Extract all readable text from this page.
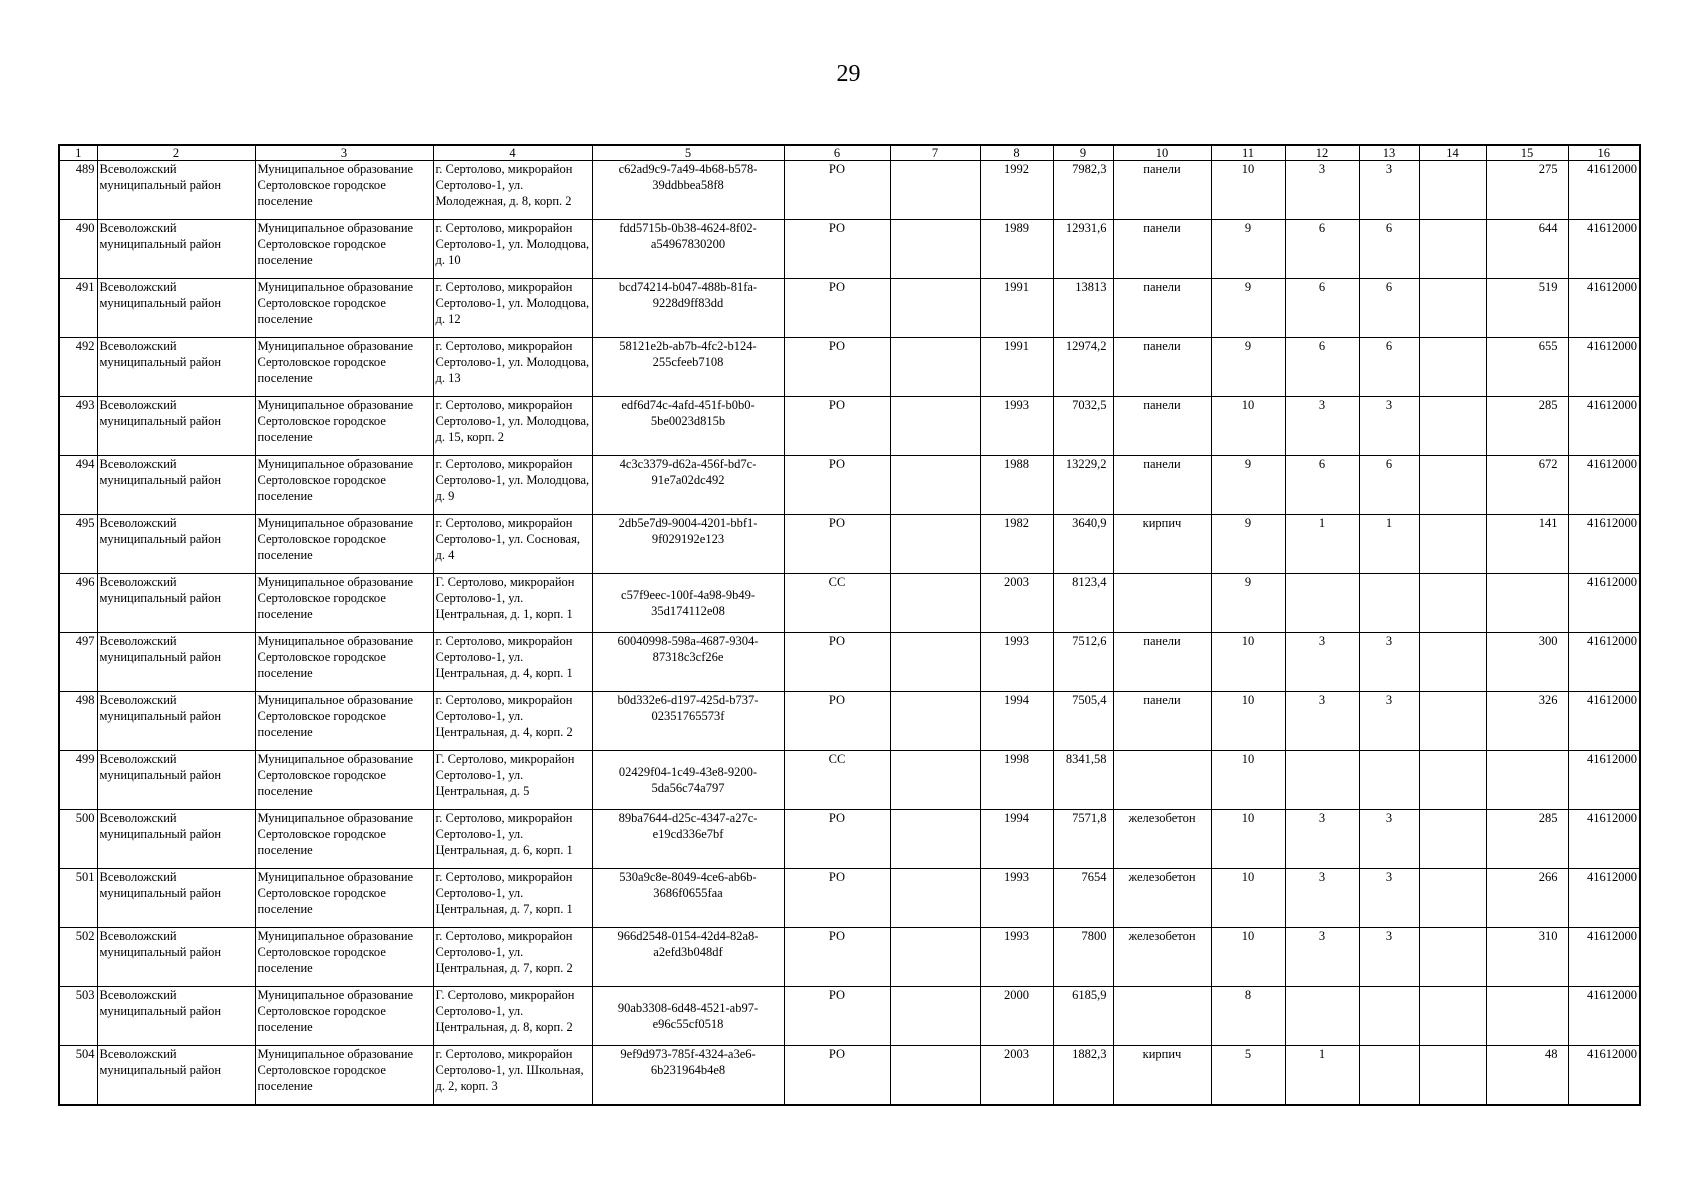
29
1	2	3	4	5	6	7	8	9	10	11	12	13	14	15	16
489	Всеволожский муниципальный район	Муниципальное образование Сертоловское городское поселение	г. Сертолово, микрорайон Сертолово-1, ул. Молодежная, д. 8, корп. 2	c62ad9c9-7a49-4b68-b578-39ddbbea58f8	РО		1992	7982,3	панели	10	3	3		275	41612000
490	Всеволожский муниципальный район	Муниципальное образование Сертоловское городское поселение	г. Сертолово, микрорайон Сертолово-1, ул. Молодцова, д. 10	fdd5715b-0b38-4624-8f02-a54967830200	РО		1989	12931,6	панели	9	6	6		644	41612000
491	Всеволожский муниципальный район	Муниципальное образование Сертоловское городское поселение	г. Сертолово, микрорайон Сертолово-1, ул. Молодцова, д. 12	bcd74214-b047-488b-81fa-9228d9ff83dd	РО		1991	13813	панели	9	6	6		519	41612000
492	Всеволожский муниципальный район	Муниципальное образование Сертоловское городское поселение	г. Сертолово, микрорайон Сертолово-1, ул. Молодцова, д. 13	58121e2b-ab7b-4fc2-b124-255cfeeb7108	РО		1991	12974,2	панели	9	6	6		655	41612000
493	Всеволожский муниципальный район	Муниципальное образование Сертоловское городское поселение	г. Сертолово, микрорайон Сертолово-1, ул. Молодцова, д. 15, корп. 2	edf6d74c-4afd-451f-b0b0-5be0023d815b	РО		1993	7032,5	панели	10	3	3		285	41612000
494	Всеволожский муниципальный район	Муниципальное образование Сертоловское городское поселение	г. Сертолово, микрорайон Сертолово-1, ул. Молодцова, д. 9	4c3c3379-d62a-456f-bd7c-91e7a02dc492	РО		1988	13229,2	панели	9	6	6		672	41612000
495	Всеволожский муниципальный район	Муниципальное образование Сертоловское городское поселение	г. Сертолово, микрорайон Сертолово-1, ул. Сосновая, д. 4	2db5e7d9-9004-4201-bbf1-9f029192e123	РО		1982	3640,9	кирпич	9	1	1		141	41612000
496	Всеволожский муниципальный район	Муниципальное образование Сертоловское городское поселение	Г. Сертолово, микрорайон Сертолово-1, ул. Центральная, д. 1, корп. 1	c57f9eec-100f-4a98-9b49-35d174112e08	СС		2003	8123,4		9					41612000
497	Всеволожский муниципальный район	Муниципальное образование Сертоловское городское поселение	г. Сертолово, микрорайон Сертолово-1, ул. Центральная, д. 4, корп. 1	60040998-598a-4687-9304-87318c3cf26e	РО		1993	7512,6	панели	10	3	3		300	41612000
498	Всеволожский муниципальный район	Муниципальное образование Сертоловское городское поселение	г. Сертолово, микрорайон Сертолово-1, ул. Центральная, д. 4, корп. 2	b0d332e6-d197-425d-b737-02351765573f	РО		1994	7505,4	панели	10	3	3		326	41612000
499	Всеволожский муниципальный район	Муниципальное образование Сертоловское городское поселение	Г. Сертолово, микрорайон Сертолово-1, ул. Центральная, д. 5	02429f04-1c49-43e8-9200-5da56c74a797	СС		1998	8341,58		10					41612000
500	Всеволожский муниципальный район	Муниципальное образование Сертоловское городское поселение	г. Сертолово, микрорайон Сертолово-1, ул. Центральная, д. 6, корп. 1	89ba7644-d25c-4347-a27c-e19cd336e7bf	РО		1994	7571,8	железобетон	10	3	3		285	41612000
501	Всеволожский муниципальный район	Муниципальное образование Сертоловское городское поселение	г. Сертолово, микрорайон Сертолово-1, ул. Центральная, д. 7, корп. 1	530a9c8e-8049-4ce6-ab6b-3686f0655faa	РО		1993	7654	железобетон	10	3	3		266	41612000
502	Всеволожский муниципальный район	Муниципальное образование Сертоловское городское поселение	г. Сертолово, микрорайон Сертолово-1, ул. Центральная, д. 7, корп. 2	966d2548-0154-42d4-82a8-a2efd3b048df	РО		1993	7800	железобетон	10	3	3		310	41612000
503	Всеволожский муниципальный район	Муниципальное образование Сертоловское городское поселение	Г. Сертолово, микрорайон Сертолово-1, ул. Центральная, д. 8, корп. 2	90ab3308-6d48-4521-ab97-e96c55cf0518	РО		2000	6185,9		8					41612000
504	Всеволожский муниципальный район	Муниципальное образование Сертоловское городское поселение	г. Сертолово, микрорайон Сертолово-1, ул. Школьная, д. 2, корп. 3	9ef9d973-785f-4324-a3e6-6b231964b4e8	РО		2003	1882,3	кирпич	5	1			48	41612000
